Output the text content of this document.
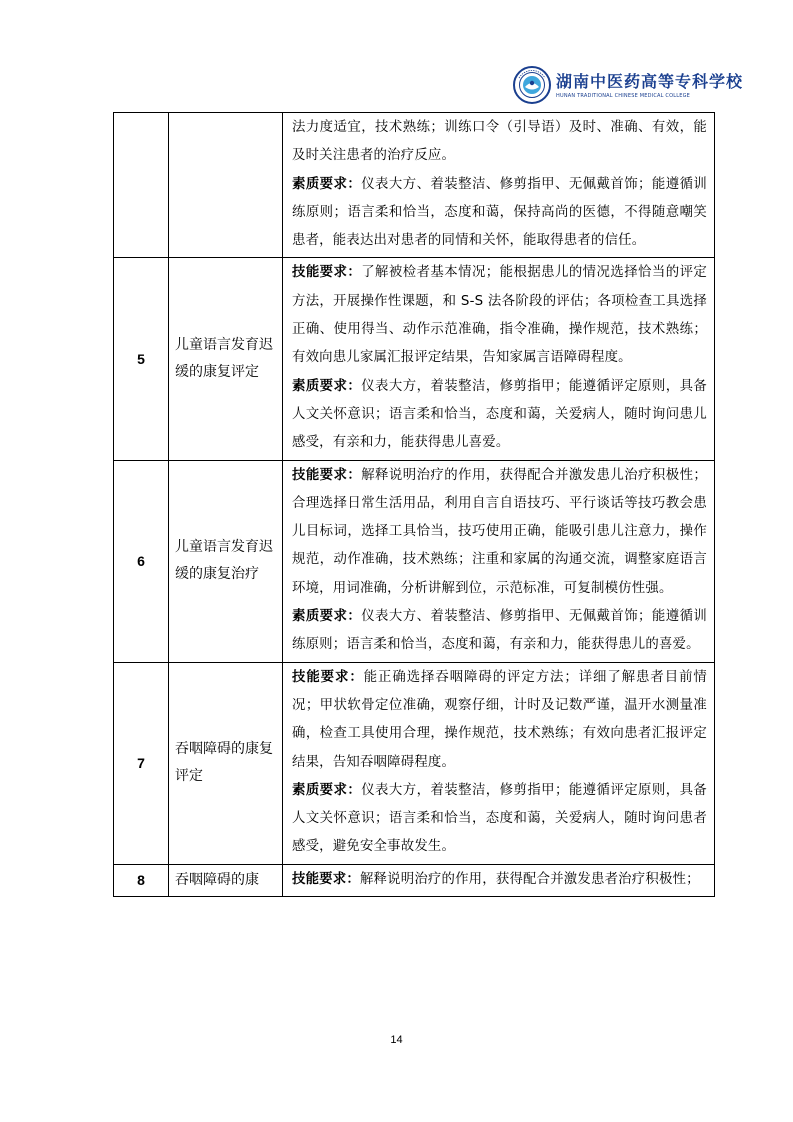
湖南中医药高等专科学校
HUNAN TRADITIONAL CHINESE MEDICAL COLLEGE

		法力度适宜，技术熟练；训练口令（引导语）及时、准确、有效，能及时关注患者的治疗反应。
素质要求：仪表大方、着装整洁、修剪指甲、无佩戴首饰；能遵循训练原则；语言柔和恰当，态度和蔼，保持高尚的医德，不得随意嘲笑患者，能表达出对患者的同情和关怀，能取得患者的信任。

5	儿童语言发育迟缓的康复评定	技能要求：了解被检者基本情况；能根据患儿的情况选择恰当的评定方法，开展操作性课题，和 S-S 法各阶段的评估；各项检查工具选择正确、使用得当、动作示范准确，指令准确，操作规范，技术熟练；有效向患儿家属汇报评定结果，告知家属言语障碍程度。
素质要求：仪表大方，着装整洁，修剪指甲；能遵循评定原则，具备人文关怀意识；语言柔和恰当，态度和蔼，关爱病人，随时询问患儿感受，有亲和力，能获得患儿喜爱。

6	儿童语言发育迟缓的康复治疗	技能要求：解释说明治疗的作用，获得配合并激发患儿治疗积极性；合理选择日常生活用品，利用自言自语技巧、平行谈话等技巧教会患儿目标词，选择工具恰当，技巧使用正确，能吸引患儿注意力，操作规范，动作准确，技术熟练；注重和家属的沟通交流，调整家庭语言环境，用词准确，分析讲解到位，示范标准，可复制模仿性强。
素质要求：仪表大方、着装整洁、修剪指甲、无佩戴首饰；能遵循训练原则；语言柔和恰当，态度和蔼，有亲和力，能获得患儿的喜爱。

7	吞咽障碍的康复评定	技能要求：能正确选择吞咽障碍的评定方法；详细了解患者目前情况；甲状软骨定位准确，观察仔细，计时及记数严谨，温开水测量准确，检查工具使用合理，操作规范，技术熟练；有效向患者汇报评定结果，告知吞咽障碍程度。
素质要求：仪表大方，着装整洁，修剪指甲；能遵循评定原则，具备人文关怀意识；语言柔和恰当，态度和蔼，关爱病人，随时询问患者感受，避免安全事故发生。

8	吞咽障碍的康	技能要求：解释说明治疗的作用，获得配合并激发患者治疗积极性；
14
